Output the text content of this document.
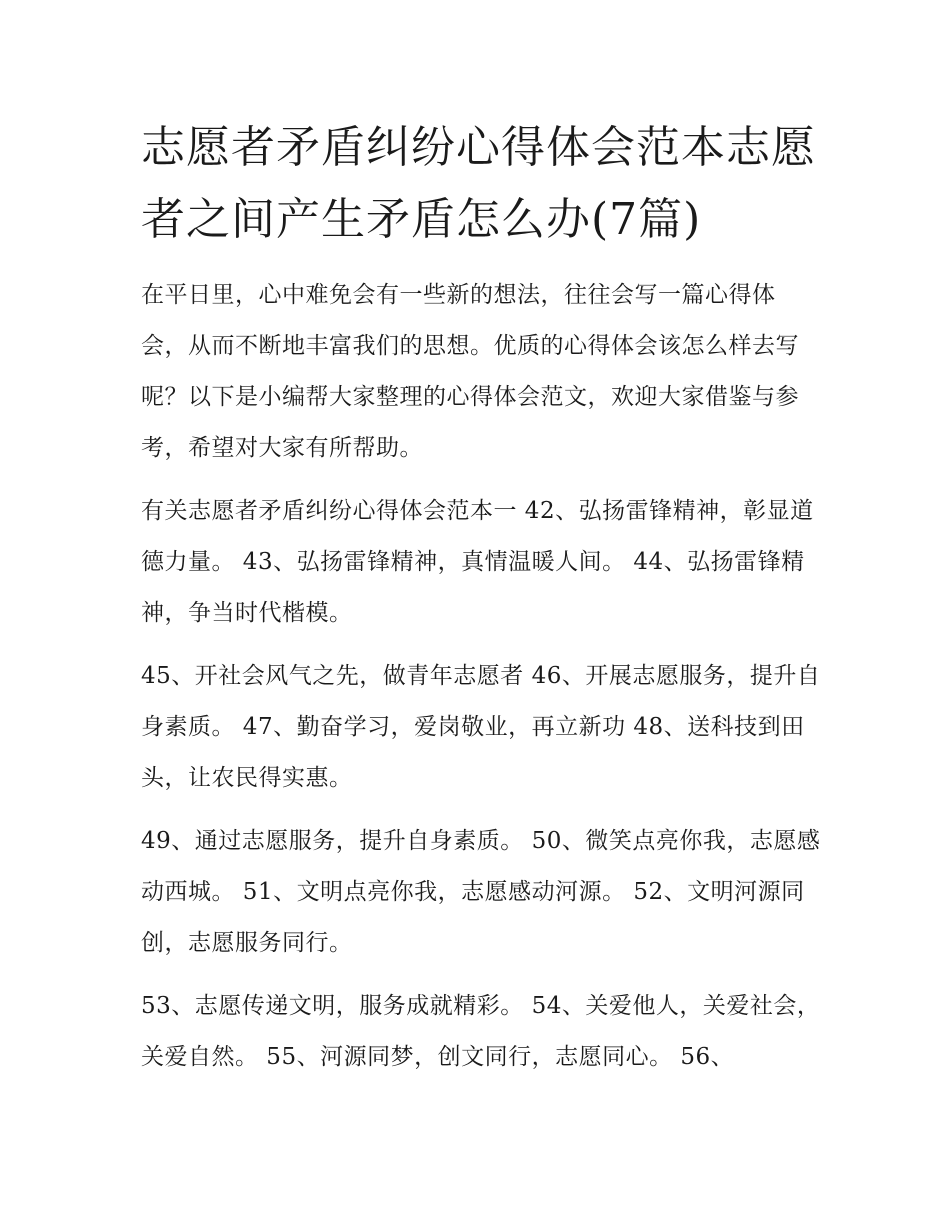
志愿者矛盾纠纷心得体会范本志愿者之间产生矛盾怎么办(7篇)

在平日里，心中难免会有一些新的想法，往往会写一篇心得体会，从而不断地丰富我们的思想。优质的心得体会该怎么样去写呢？以下是小编帮大家整理的心得体会范文，欢迎大家借鉴与参考，希望对大家有所帮助。

有关志愿者矛盾纠纷心得体会范本一 42、弘扬雷锋精神，彰显道德力量。 43、弘扬雷锋精神，真情温暖人间。 44、弘扬雷锋精神，争当时代楷模。

45、开社会风气之先，做青年志愿者 46、开展志愿服务，提升自身素质。 47、勤奋学习，爱岗敬业，再立新功 48、送科技到田头，让农民得实惠。

49、通过志愿服务，提升自身素质。 50、微笑点亮你我，志愿感动西城。 51、文明点亮你我，志愿感动河源。 52、文明河源同创，志愿服务同行。

53、志愿传递文明，服务成就精彩。 54、关爱他人，关爱社会，关爱自然。 55、河源同梦，创文同行，志愿同心。 56、
